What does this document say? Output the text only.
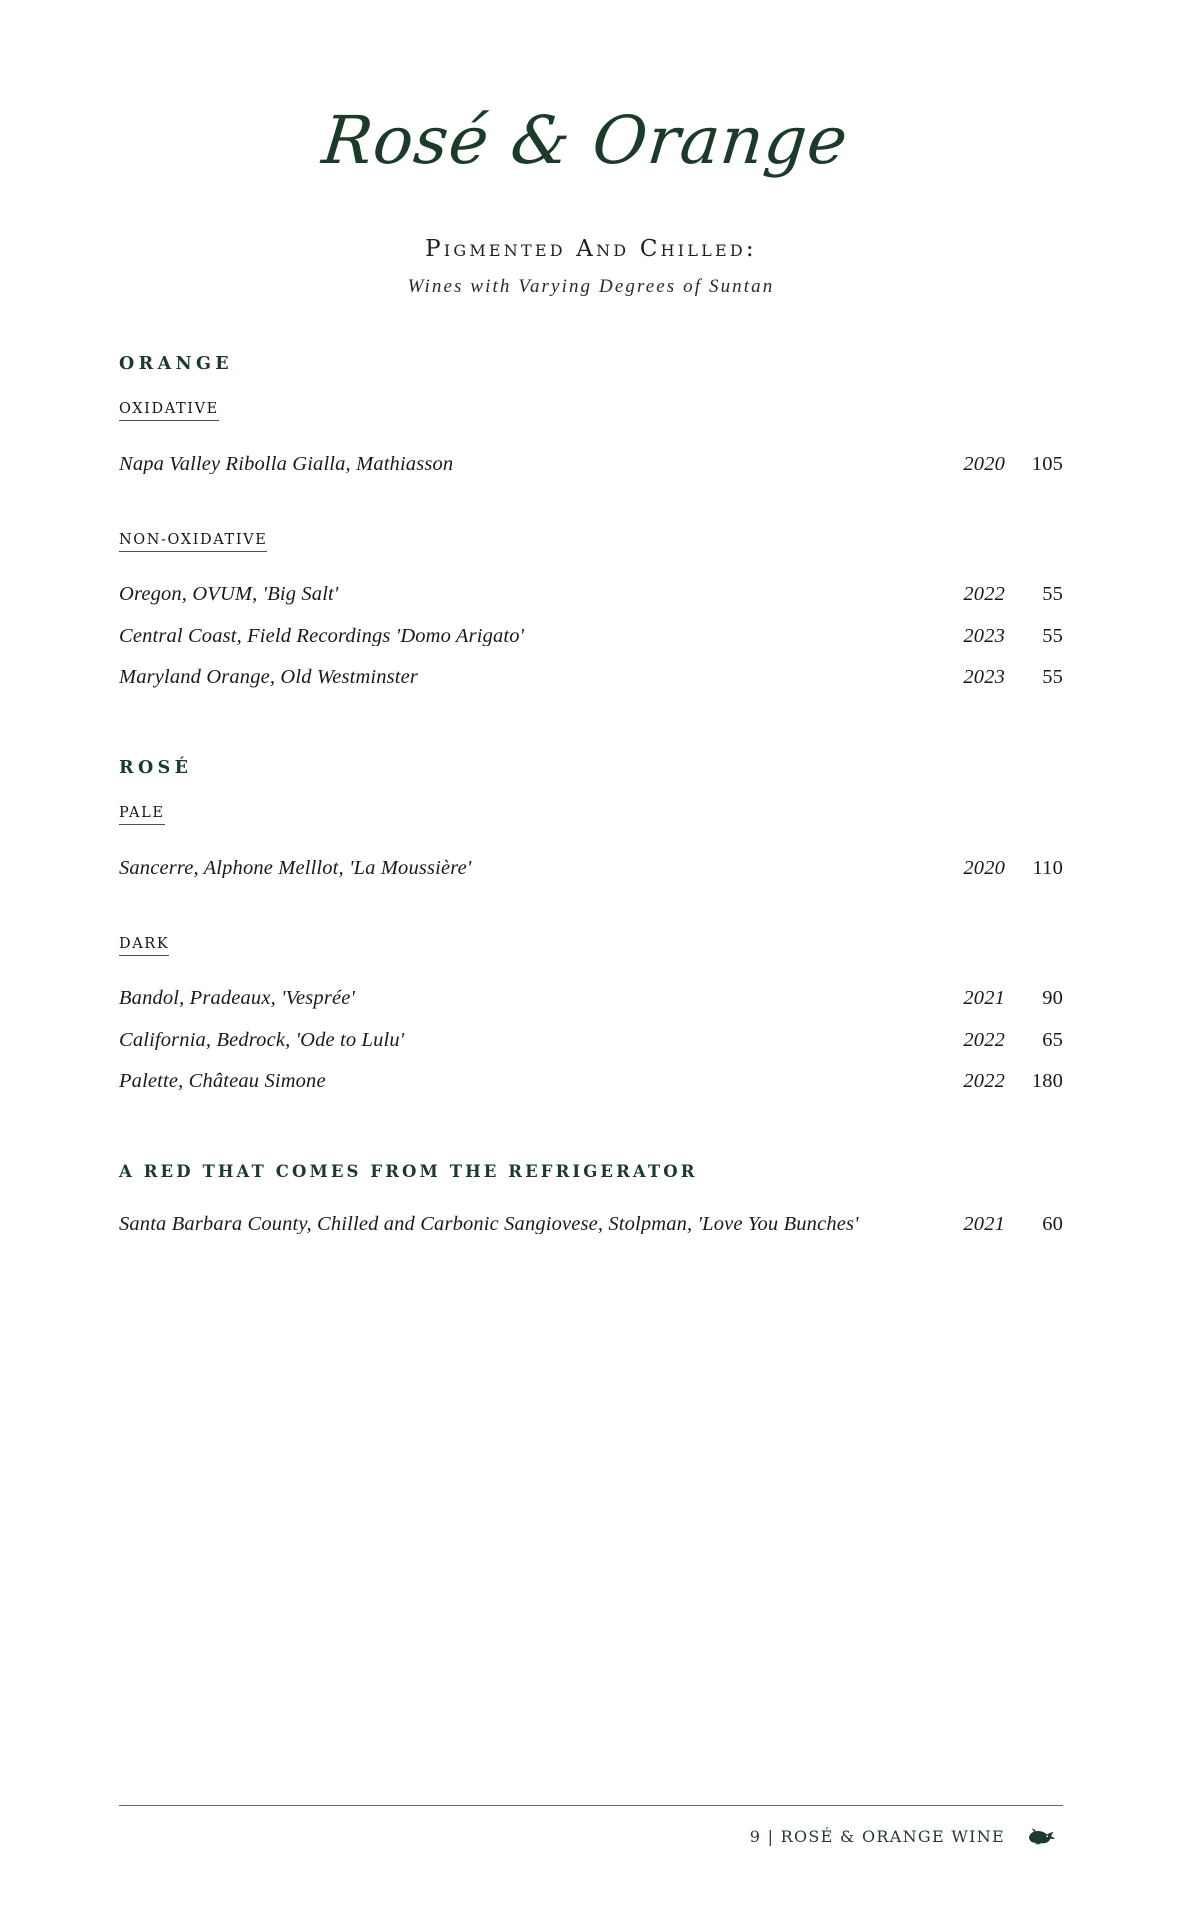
Rosé & Orange
Pigmented And Chilled:
Wines with Varying Degrees of Suntan
ORANGE
OXIDATIVE
Napa Valley Ribolla Gialla, Mathiasson	2020	105
NON-OXIDATIVE
Oregon, OVUM, 'Big Salt'	2022	55
Central Coast, Field Recordings 'Domo Arigato'	2023	55
Maryland Orange, Old Westminster	2023	55
ROSÉ
PALE
Sancerre, Alphone Melllot, 'La Moussière'	2020	110
DARK
Bandol, Pradeaux, 'Vesprée'	2021	90
California, Bedrock, 'Ode to Lulu'	2022	65
Palette, Château Simone	2022	180
A RED THAT COMES FROM THE REFRIGERATOR
Santa Barbara County, Chilled and Carbonic Sangiovese, Stolpman, 'Love You Bunches'	2021	60
9 | ROSÉ & ORANGE WINE
